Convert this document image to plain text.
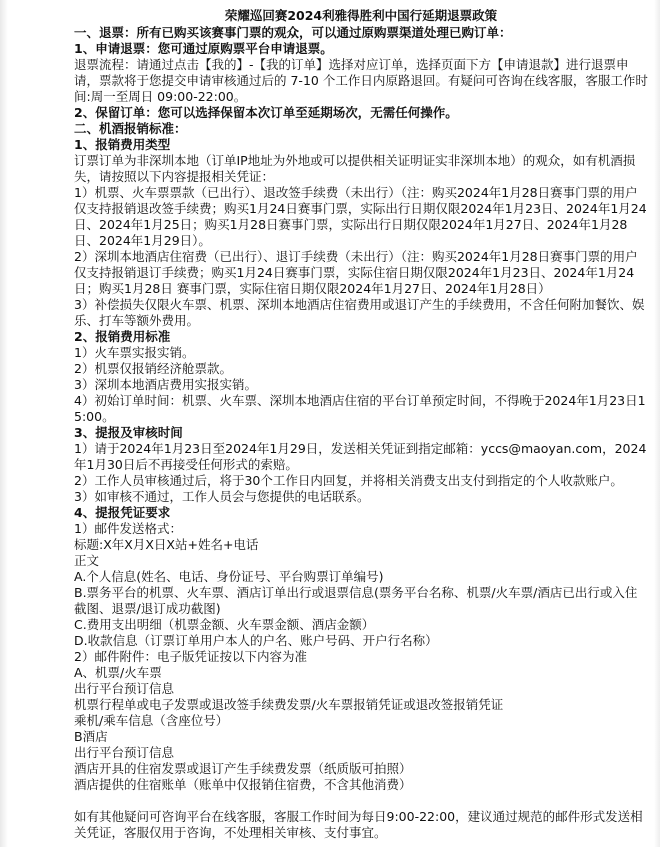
荣耀巡回赛2024利雅得胜利中国行延期退票政策
一、退票：所有已购买该赛事门票的观众，可以通过原购票渠道处理已购订单：
1、申请退票：您可通过原购票平台申请退票。
退票流程：请通过点击【我的】-【我的订单】选择对应订单，选择页面下方【申请退款】进行退票申请，票款将于您提交申请审核通过后的 7-10 个工作日内原路退回。有疑问可咨询在线客服，客服工作时间:周一至周日 09:00-22:00。
2、保留订单：您可以选择保留本次订单至延期场次，无需任何操作。
二、机酒报销标准：
1、报销费用类型
订票订单为非深圳本地（订单IP地址为外地或可以提供相关证明证实非深圳本地）的观众，如有机酒损失，请按照以下内容提报相关凭证：
1）机票、火车票票款（已出行）、退改签手续费（未出行）（注：购买2024年1月28日赛事门票的用户仅支持报销退改签手续费；购买1月24日赛事门票，实际出行日期仅限2024年1月23日、2024年1月24日、2024年1月25日；购买1月28日赛事门票，实际出行日期仅限2024年1月27日、2024年1月28日、2024年1月29日）。
2）深圳本地酒店住宿费（已出行）、退订手续费（未出行）（注：购买2024年1月28日赛事门票的用户仅支持报销退订手续费；购买1月24日赛事门票，实际住宿日期仅限2024年1月23日、2024年1月24日；购买1月28日 赛事门票，实际住宿日期仅限2024年1月27日、2024年1月28日）
3）补偿损失仅限火车票、机票、深圳本地酒店住宿费用或退订产生的手续费用，不含任何附加餐饮、娱乐、打车等额外费用。
2、报销费用标准
1）火车票实报实销。
2）机票仅报销经济舱票款。
3）深圳本地酒店费用实报实销。
4）初始订单时间：机票、火车票、深圳本地酒店住宿的平台订单预定时间，不得晚于2024年1月23日15:00。
3、提报及审核时间
1）请于2024年1月23日至2024年1月29日，发送相关凭证到指定邮箱：yccs@maoyan.com，2024年1月30日后不再接受任何形式的索赔。
2）工作人员审核通过后，将于30个工作日内回复，并将相关消费支出支付到指定的个人收款账户。
3）如审核不通过，工作人员会与您提供的电话联系。
4、提报凭证要求
1）邮件发送格式：
标题:X年X月X日X站+姓名+电话
正文
A.个人信息(姓名、电话、身份证号、平台购票订单编号)
B.票务平台的机票、火车票、酒店订单出行或退票信息(票务平台名称、机票/火车票/酒店已出行或入住截图、退票/退订成功截图)
C.费用支出明细（机票金额、火车票金额、酒店金额）
D.收款信息（订票订单用户本人的户名、账户号码、开户行名称）
2）邮件附件：电子版凭证按以下内容为准
A、机票/火车票
出行平台预订信息
机票行程单或电子发票或退改签手续费发票/火车票报销凭证或退改签报销凭证
乘机/乘车信息（含座位号）
B酒店
出行平台预订信息
酒店开具的住宿发票或退订产生手续费发票（纸质版可拍照）
酒店提供的住宿账单（账单中仅报销住宿费，不含其他消费）
如有其他疑问可咨询平台在线客服，客服工作时间为每日9:00-22:00，建议通过规范的邮件形式发送相关凭证，客服仅用于咨询，不处理相关审核、支付事宜。
